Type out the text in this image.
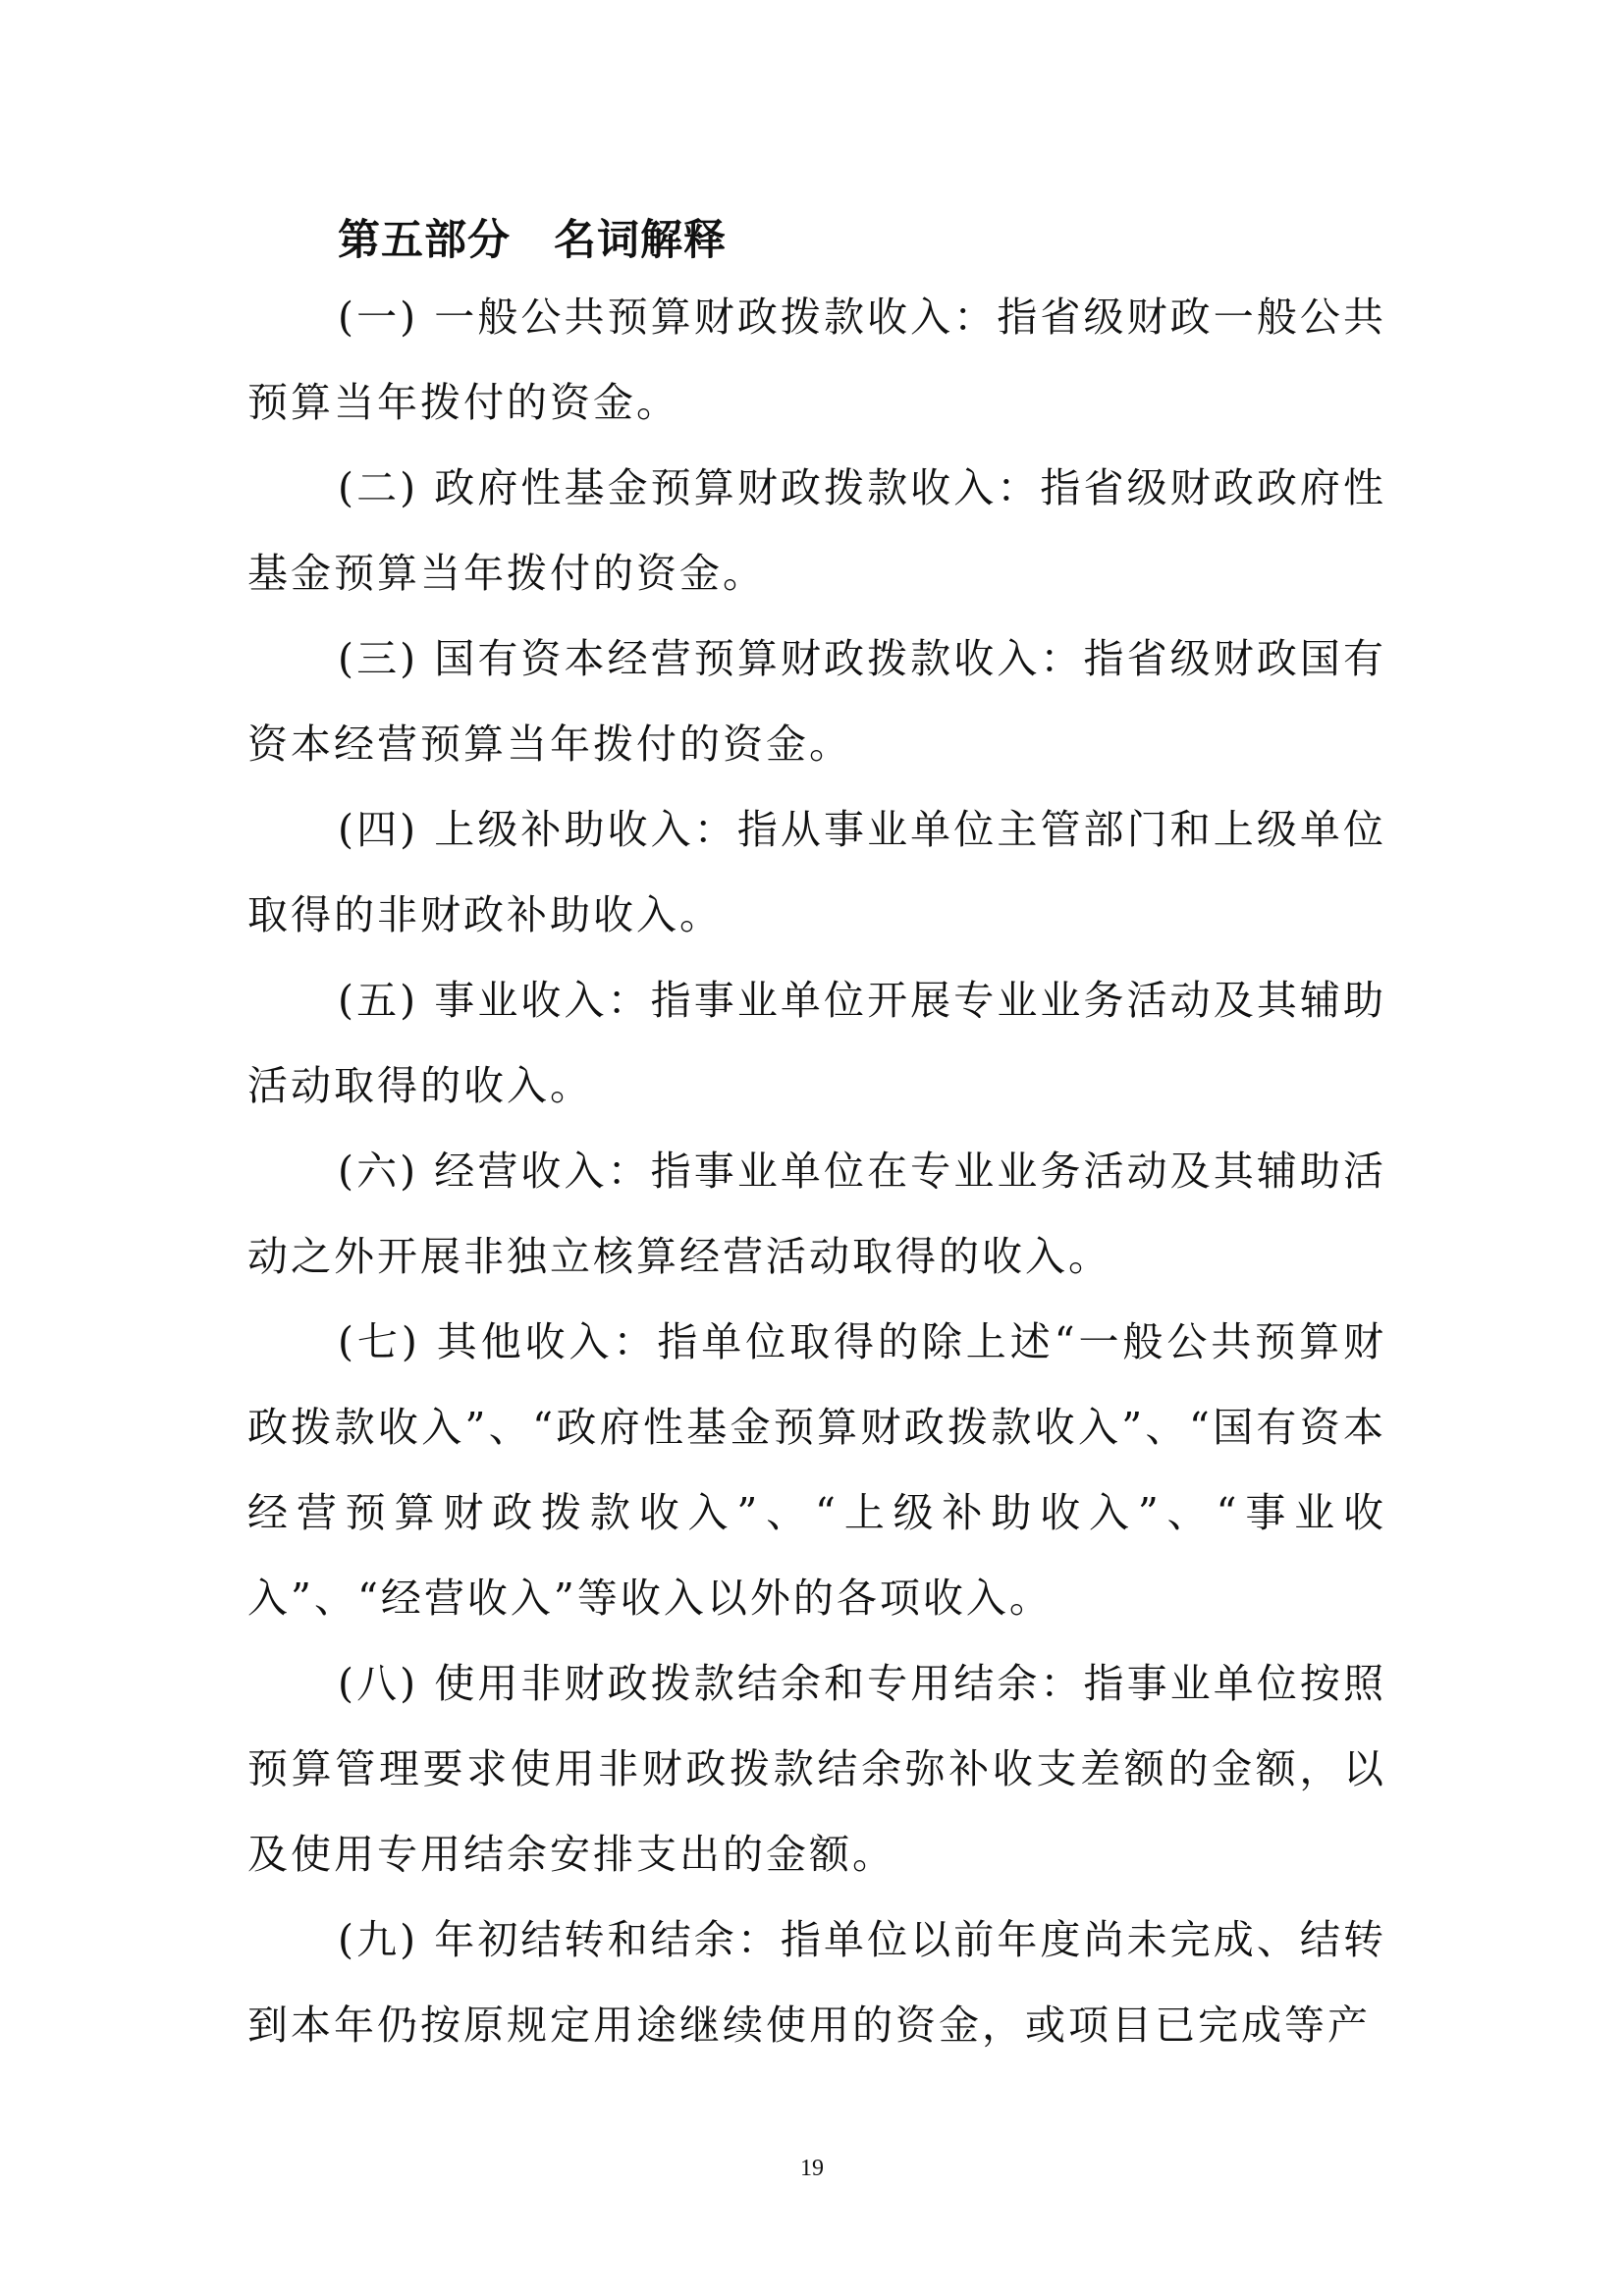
第五部分　名词解释

(一) 一般公共预算财政拨款收入：指省级财政一般公共预算当年拨付的资金。

(二) 政府性基金预算财政拨款收入：指省级财政政府性基金预算当年拨付的资金。

(三) 国有资本经营预算财政拨款收入：指省级财政国有资本经营预算当年拨付的资金。

(四) 上级补助收入：指从事业单位主管部门和上级单位取得的非财政补助收入。

(五) 事业收入：指事业单位开展专业业务活动及其辅助活动取得的收入。

(六) 经营收入：指事业单位在专业业务活动及其辅助活动之外开展非独立核算经营活动取得的收入。

(七) 其他收入：指单位取得的除上述“一般公共预算财政拨款收入”、“政府性基金预算财政拨款收入”、“国有资本经营预算财政拨款收入”、“上级补助收入”、“事业收入”、“经营收入”等收入以外的各项收入。

(八) 使用非财政拨款结余和专用结余：指事业单位按照预算管理要求使用非财政拨款结余弥补收支差额的金额，以及使用专用结余安排支出的金额。

(九) 年初结转和结余：指单位以前年度尚未完成、结转到本年仍按原规定用途继续使用的资金，或项目已完成等产

19
